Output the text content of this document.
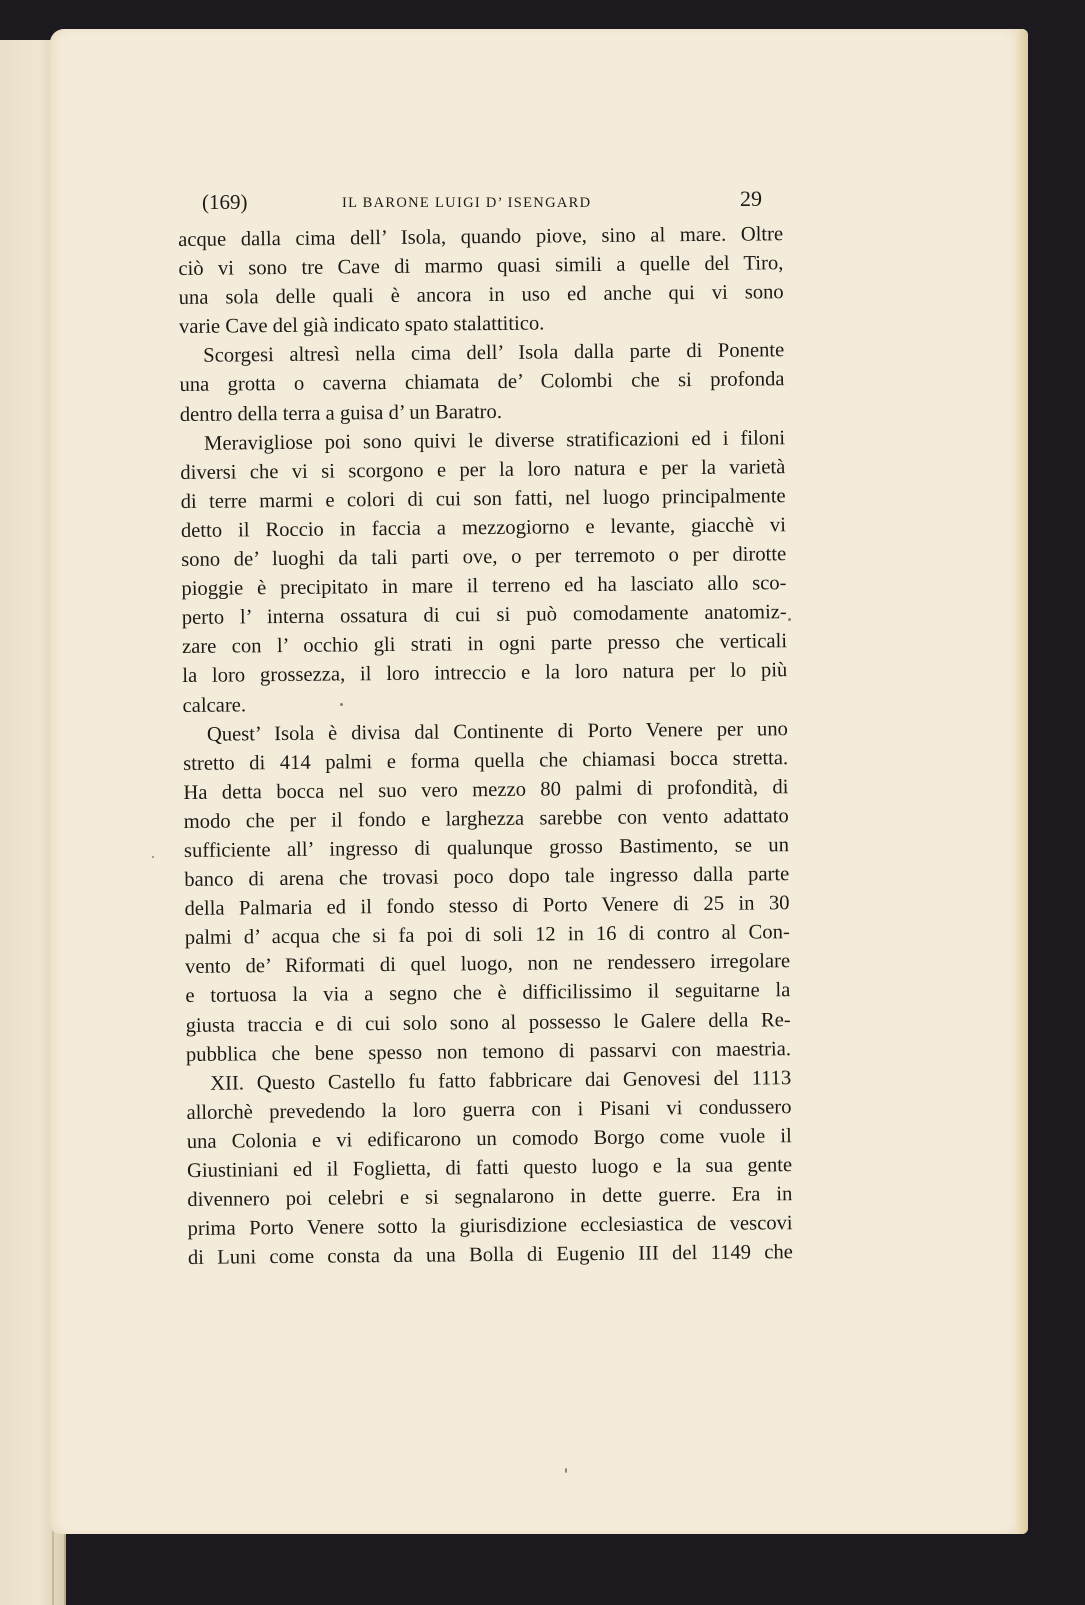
(169)	IL BARONE LUIGI D’ ISENGARD	29
acque dalla cima dell’ Isola, quando piove, sino al mare. Oltre
ciò vi sono tre Cave di marmo quasi simili a quelle del Tiro,
una sola delle quali è ancora in uso ed anche qui vi sono
varie Cave del già indicato spato stalattitico.
Scorgesi altresì nella cima dell’ Isola dalla parte di Ponente
una grotta o caverna chiamata de’ Colombi che si profonda
dentro della terra a guisa d’ un Baratro.
Meravigliose poi sono quivi le diverse stratificazioni ed i filoni
diversi che vi si scorgono e per la loro natura e per la varietà
di terre marmi e colori di cui son fatti, nel luogo principalmente
detto il Roccio in faccia a mezzogiorno e levante, giacchè vi
sono de’ luoghi da tali parti ove, o per terremoto o per dirotte
pioggie è precipitato in mare il terreno ed ha lasciato allo sco-
perto l’ interna ossatura di cui si può comodamente anatomiz-
zare con l’ occhio gli strati in ogni parte presso che verticali
la loro grossezza, il loro intreccio e la loro natura per lo più
calcare.
Quest’ Isola è divisa dal Continente di Porto Venere per uno
stretto di 414 palmi e forma quella che chiamasi bocca stretta.
Ha detta bocca nel suo vero mezzo 80 palmi di profondità, di
modo che per il fondo e larghezza sarebbe con vento adattato
sufficiente all’ ingresso di qualunque grosso Bastimento, se un
banco di arena che trovasi poco dopo tale ingresso dalla parte
della Palmaria ed il fondo stesso di Porto Venere di 25 in 30
palmi d’ acqua che si fa poi di soli 12 in 16 di contro al Con-
vento de’ Riformati di quel luogo, non ne rendessero irregolare
e tortuosa la via a segno che è difficilissimo il seguitarne la
giusta traccia e di cui solo sono al possesso le Galere della Re-
pubblica che bene spesso non temono di passarvi con maestria.
XII. Questo Castello fu fatto fabbricare dai Genovesi del 1113
allorchè prevedendo la loro guerra con i Pisani vi condussero
una Colonia e vi edificarono un comodo Borgo come vuole il
Giustiniani ed il Foglietta, di fatti questo luogo e la sua gente
divennero poi celebri e si segnalarono in dette guerre. Era in
prima Porto Venere sotto la giurisdizione ecclesiastica de vescovi
di Luni come consta da una Bolla di Eugenio III del 1149 che
